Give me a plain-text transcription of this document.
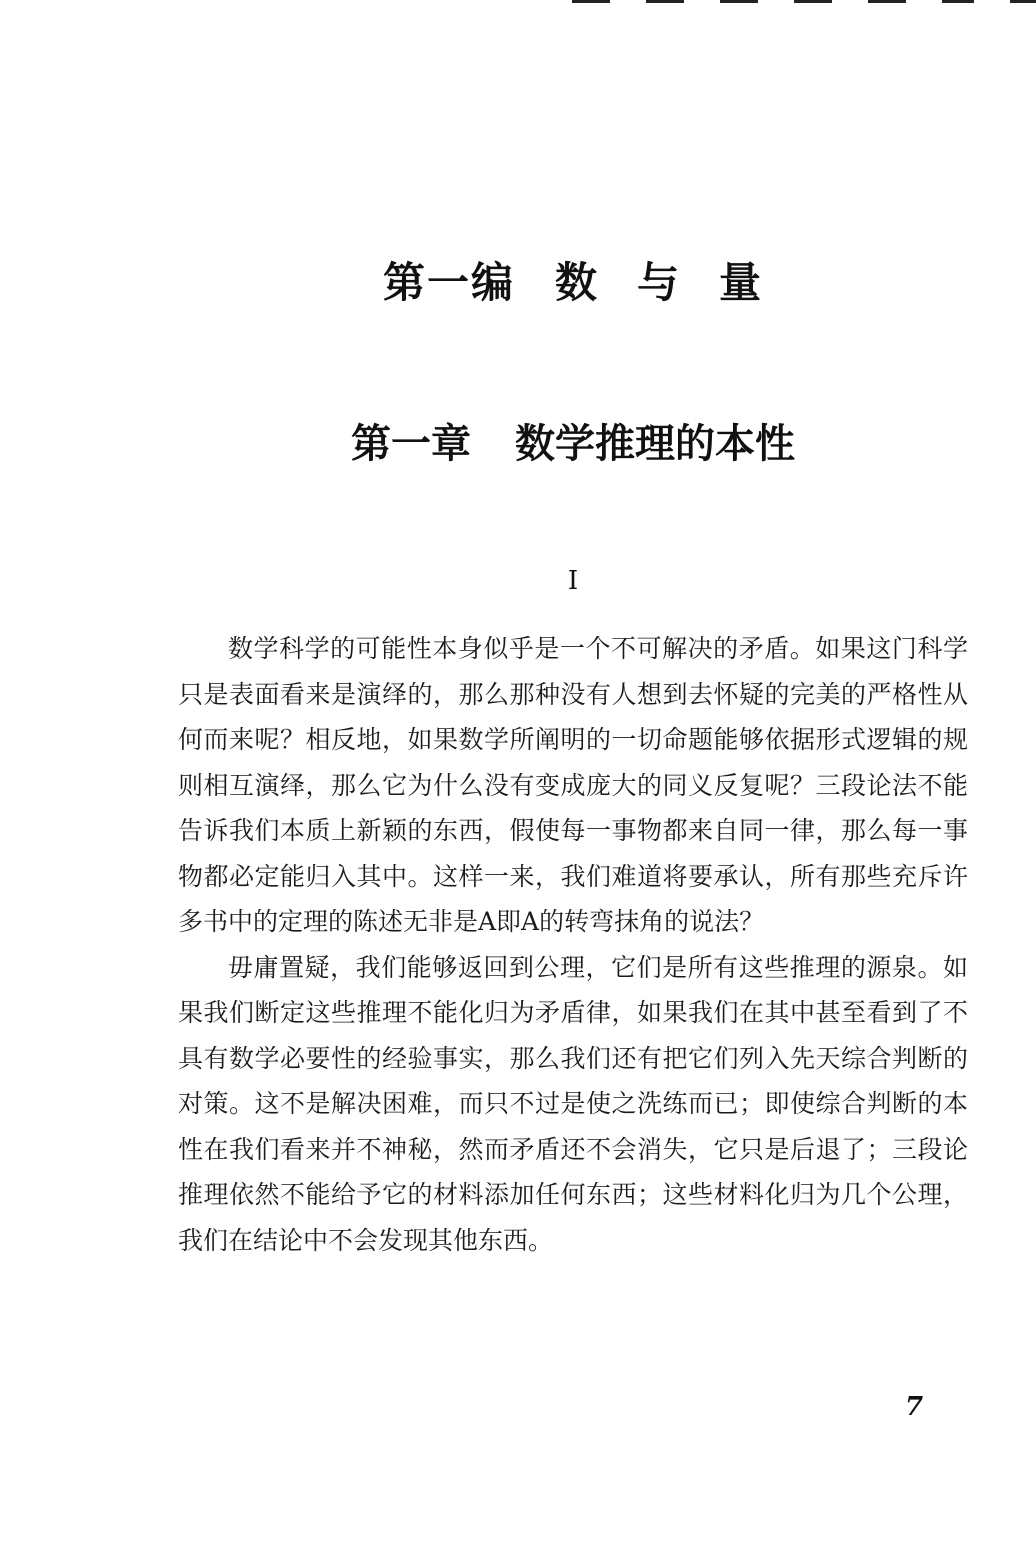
第一编 数 与 量
第一章 数学推理的本性
I

数学科学的可能性本身似乎是一个不可解决的矛盾。如果这门科学只是表面看来是演绎的，那么那种没有人想到去怀疑的完美的严格性从何而来呢？相反地，如果数学所阐明的一切命题能够依据形式逻辑的规则相互演绎，那么它为什么没有变成庞大的同义反复呢？三段论法不能告诉我们本质上新颖的东西，假使每一事物都来自同一律，那么每一事物都必定能归入其中。这样一来，我们难道将要承认，所有那些充斥许多书中的定理的陈述无非是A即A的转弯抹角的说法？

毋庸置疑，我们能够返回到公理，它们是所有这些推理的源泉。如果我们断定这些推理不能化归为矛盾律，如果我们在其中甚至看到了不具有数学必要性的经验事实，那么我们还有把它们列入先天综合判断的对策。这不是解决困难，而只不过是使之洗练而已；即使综合判断的本性在我们看来并不神秘，然而矛盾还不会消失，它只是后退了；三段论推理依然不能给予它的材料添加任何东西；这些材料化归为几个公理，我们在结论中不会发现其他东西。

7
